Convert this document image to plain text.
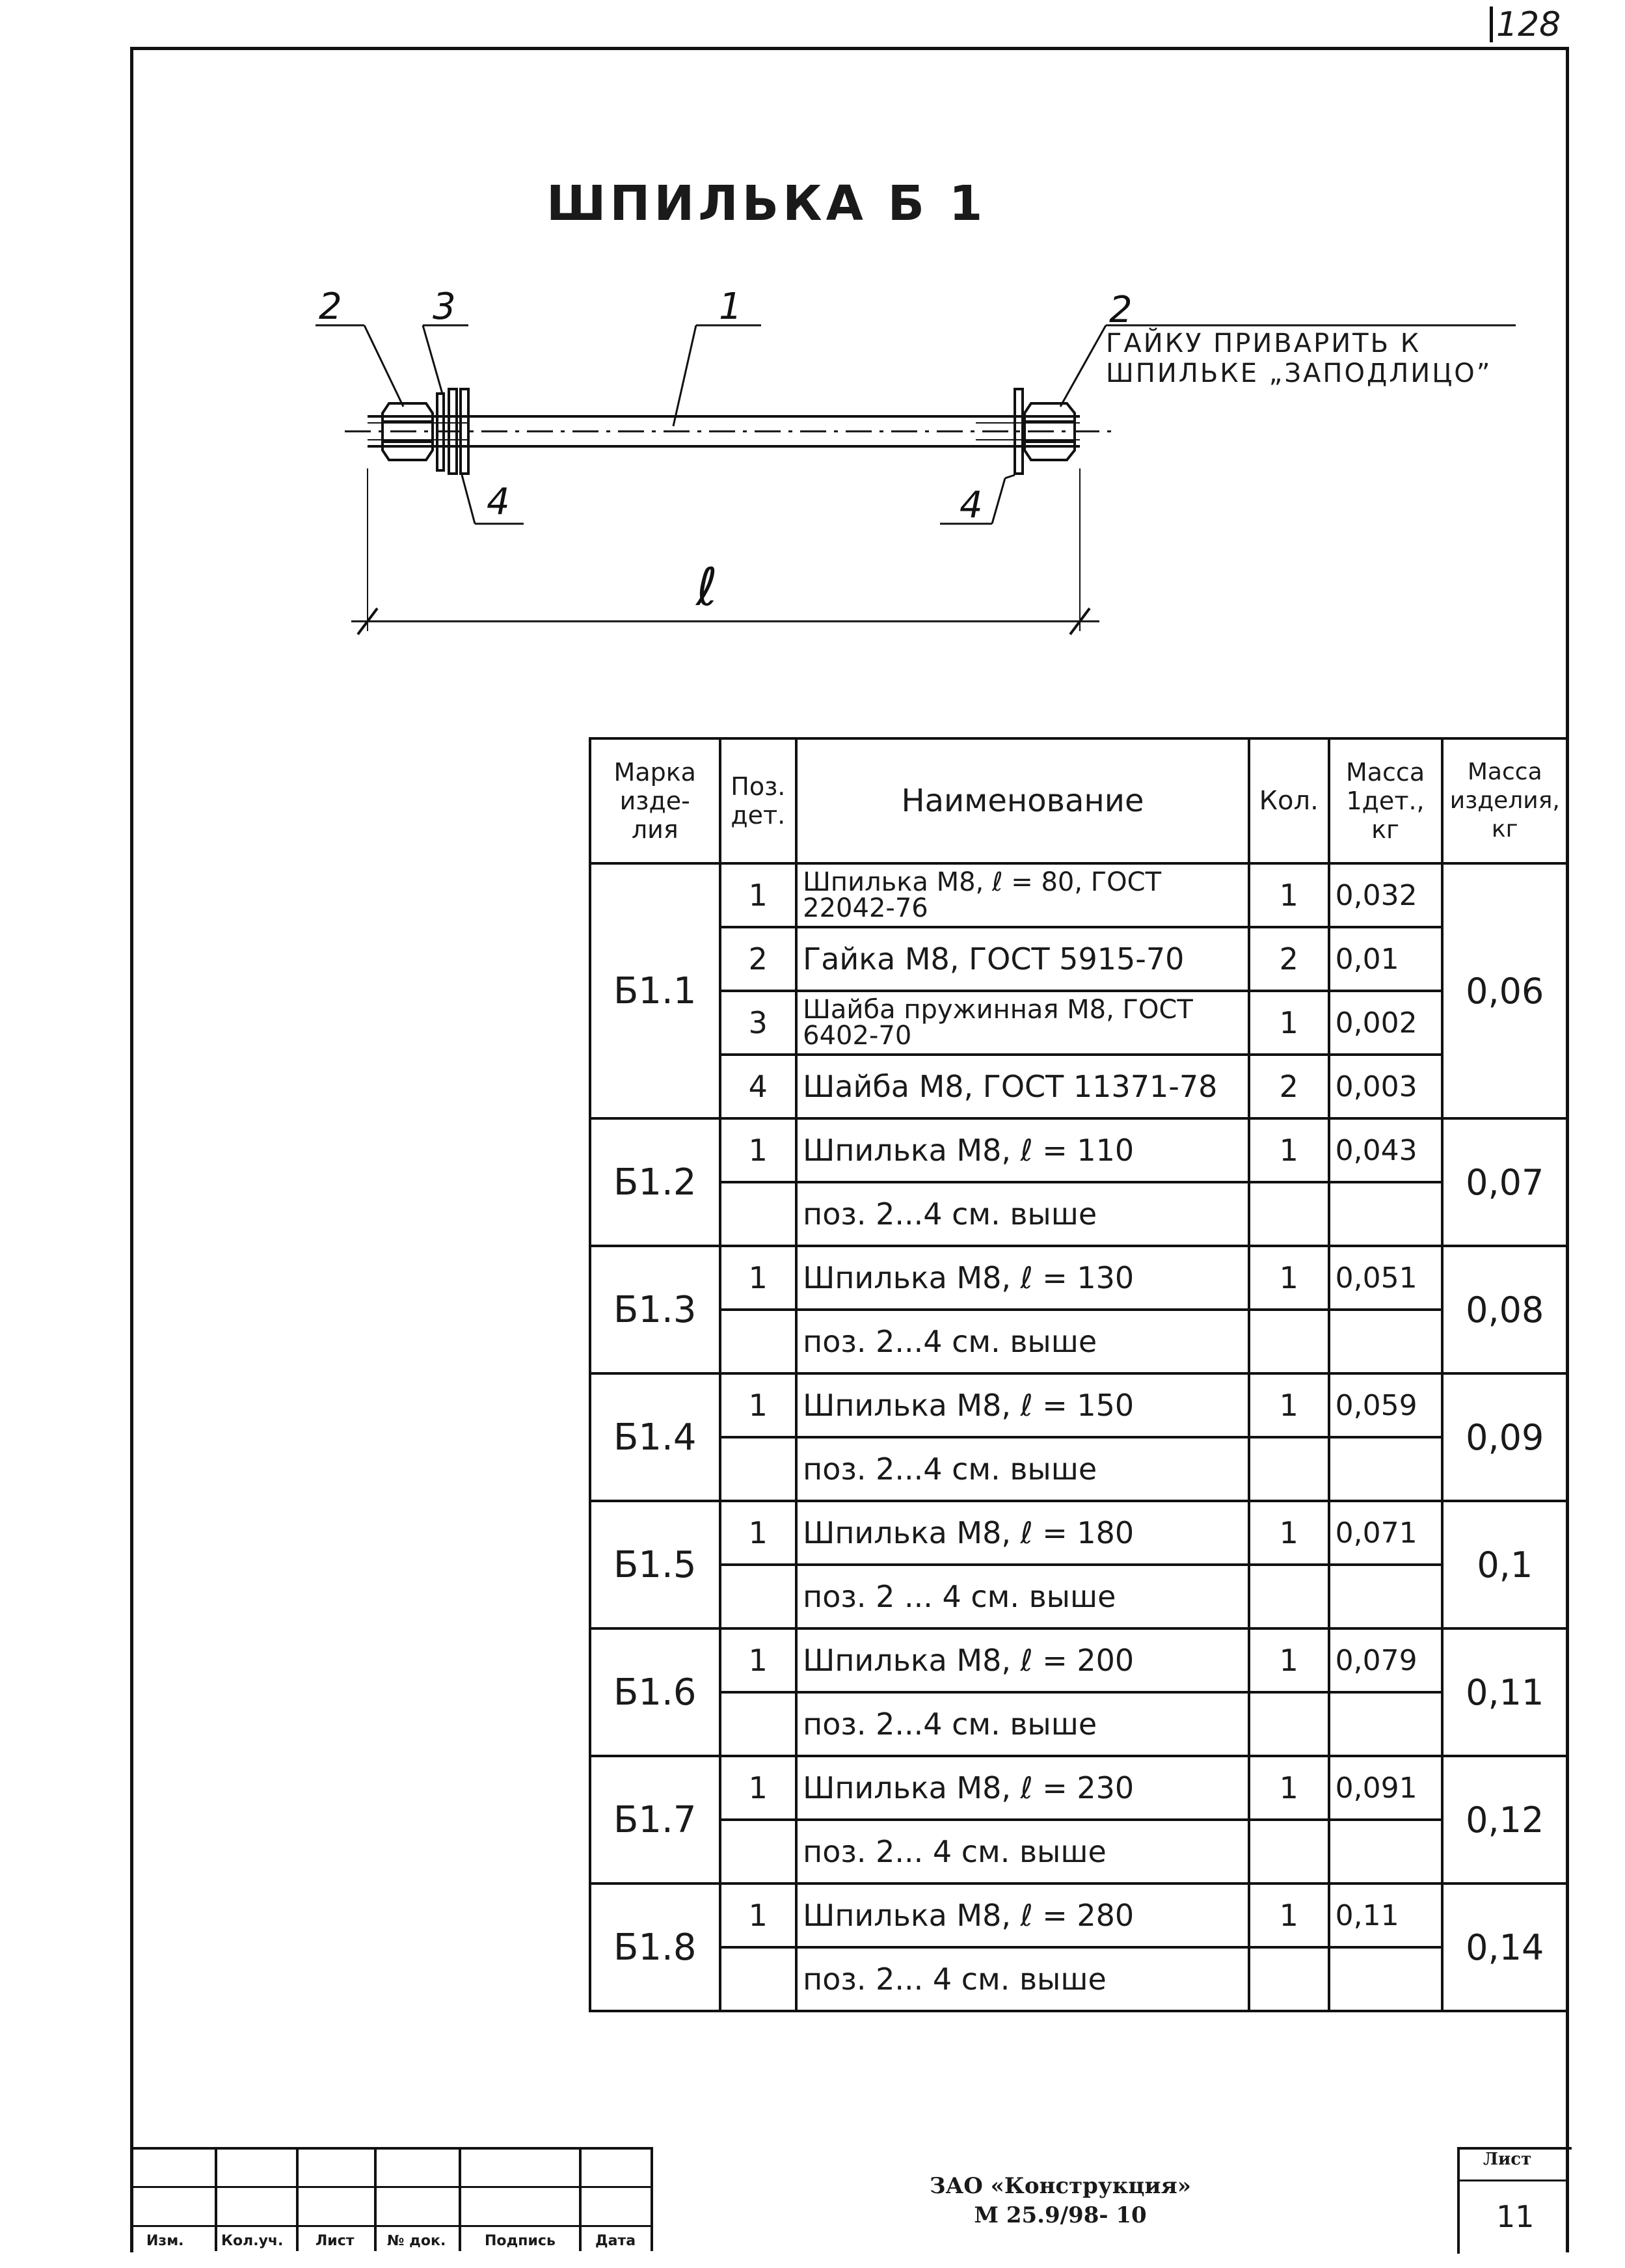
128
ШПИЛЬКА Б 1
2 3	1	2
4	4
ℓ
ГАЙКУ ПРИВАРИТЬ К
ШПИЛЬКЕ „ЗАПОДЛИЦО”
Марка изде-лия	Поз. дет.	Наименование	Кол.	Масса 1дет., кг	Масса изделия, кг
Б1.1	1	Шпилька М8, ℓ = 80, ГОСТ 22042-76	1	0,032	0,06
	2	Гайка М8, ГОСТ 5915-70	2	0,01	
	3	Шайба пружинная М8, ГОСТ 6402-70	1	0,002	
	4	Шайба М8, ГОСТ 11371-78	2	0,003	
Б1.2	1	Шпилька М8, ℓ = 110	1	0,043	0,07
		поз. 2...4 см. выше			
Б1.3	1	Шпилька М8, ℓ = 130	1	0,051	0,08
		поз. 2...4 см. выше			
Б1.4	1	Шпилька М8, ℓ = 150	1	0,059	0,09
		поз. 2...4 см. выше			
Б1.5	1	Шпилька М8, ℓ = 180	1	0,071	0,1
		поз. 2 ... 4 см. выше			
Б1.6	1	Шпилька М8, ℓ = 200	1	0,079	0,11
		поз. 2...4 см. выше			
Б1.7	1	Шпилька М8, ℓ = 230	1	0,091	0,12
		поз. 2... 4 см. выше			
Б1.8	1	Шпилька М8, ℓ = 280	1	0,11	0,14
		поз. 2... 4 см. выше			
Изм.	Кол.уч. Лист № док.	Подпись	Дата
ЗАО «Конструкция»
М 25.9/98- 10
Лист
11
